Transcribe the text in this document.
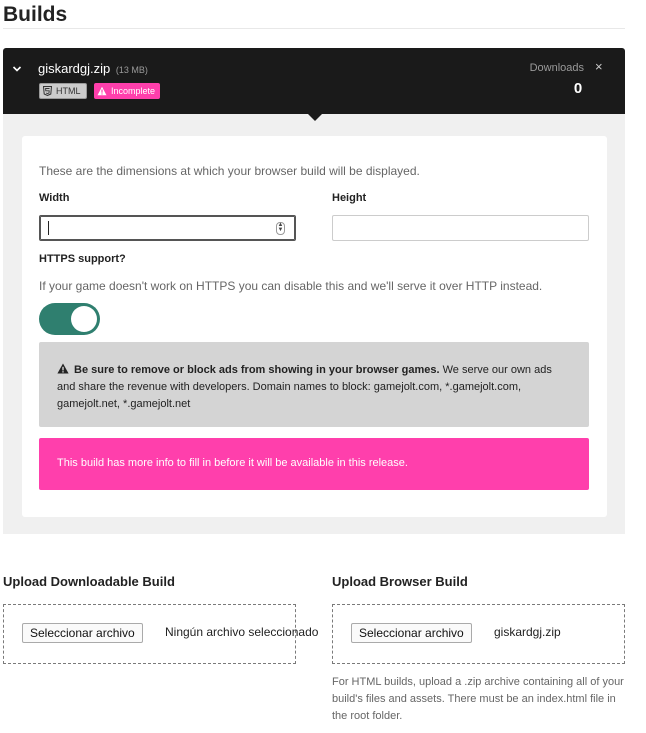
Builds
giskardgj.zip (13 MB)
HTML	Incomplete
Downloads
0
×
These are the dimensions at which your browser build will be displayed.
Width	Height
▲
▼
HTTPS support?
If your game doesn't work on HTTPS you can disable this and we'll serve it over HTTP instead.
Be sure to remove or block ads from showing in your browser games. We serve our own ads and share the revenue with developers. Domain names to block: gamejolt.com, *.gamejolt.com, gamejolt.net, *.gamejolt.net
This build has more info to fill in before it will be available in this release.
Upload Downloadable Build	Upload Browser Build
Seleccionar archivo	Ningún archivo seleccionado	Seleccionar archivo	giskardgj.zip
For HTML builds, upload a .zip archive containing all of your build's files and assets. There must be an index.html file in the root folder.
